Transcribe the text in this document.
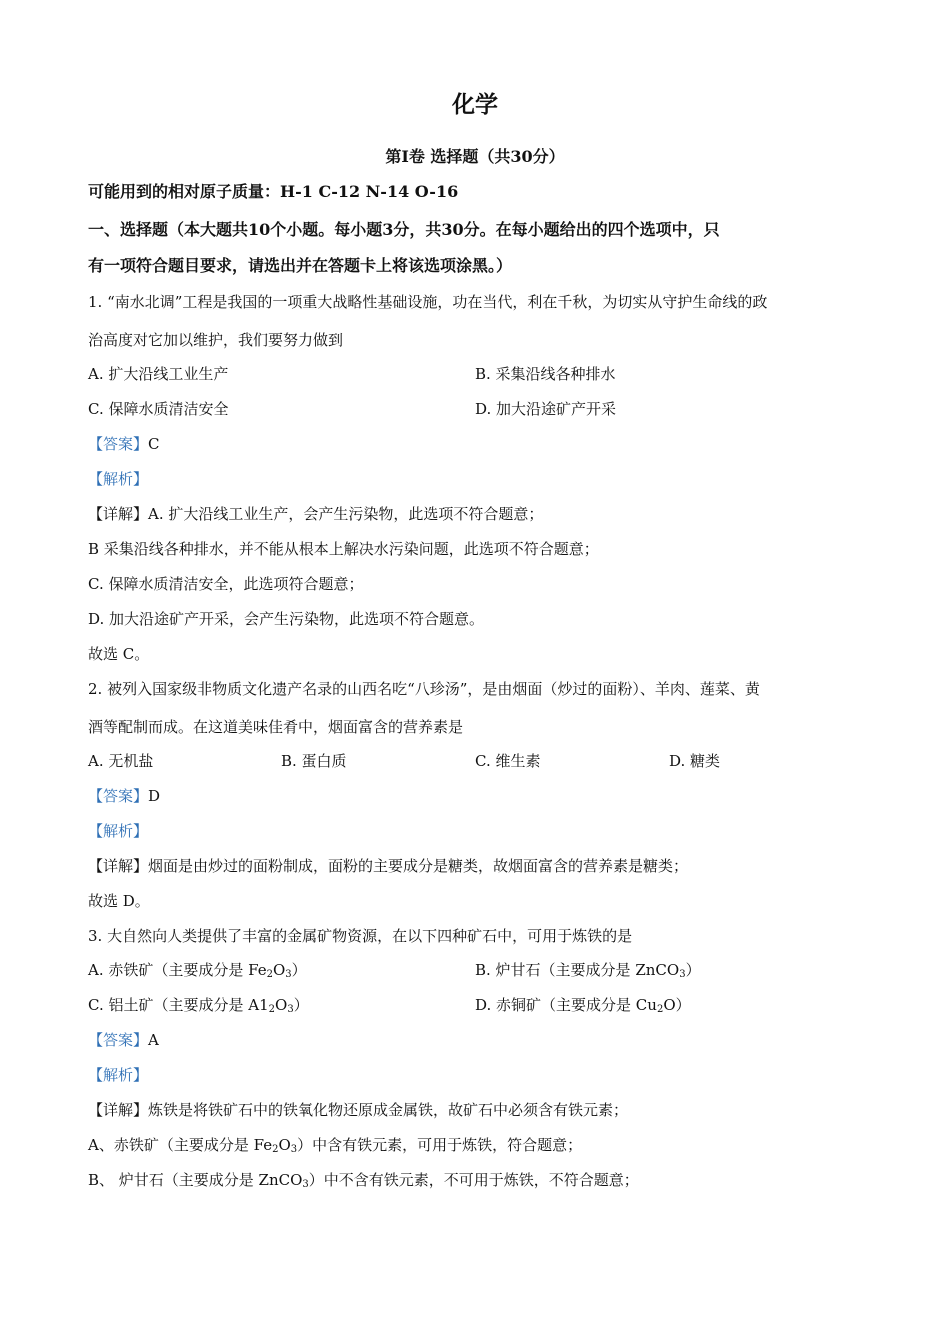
化学
第Ⅰ卷 选择题（共30分）
可能用到的相对原子质量：H-1 C-12 N-14 O-16
一、选择题（本大题共10个小题。每小题3分，共30分。在每小题给出的四个选项中，只
有一项符合题目要求，请选出并在答题卡上将该选项涂黑。）
1. “南水北调”工程是我国的一项重大战略性基础设施，功在当代，利在千秋，为切实从守护生命线的政
治高度对它加以维护，我们要努力做到
A. 扩大沿线工业生产	B. 采集沿线各种排水
C. 保障水质清洁安全	D. 加大沿途矿产开采
【答案】C
【解析】
【详解】A. 扩大沿线工业生产，会产生污染物，此选项不符合题意；
B 采集沿线各种排水，并不能从根本上解决水污染问题，此选项不符合题意；
C. 保障水质清洁安全，此选项符合题意；
D. 加大沿途矿产开采，会产生污染物，此选项不符合题意。
故选 C。
2. 被列入国家级非物质文化遗产名录的山西名吃“八珍汤”，是由烟面（炒过的面粉）、羊肉、莲菜、黄
酒等配制而成。在这道美味佳肴中，烟面富含的营养素是
A. 无机盐	B. 蛋白质	C. 维生素	D. 糖类
【答案】D
【解析】
【详解】烟面是由炒过的面粉制成，面粉的主要成分是糖类，故烟面富含的营养素是糖类；
故选 D。
3. 大自然向人类提供了丰富的金属矿物资源，在以下四种矿石中，可用于炼铁的是
A. 赤铁矿（主要成分是 $Fe_2O_3$）	B. 炉甘石（主要成分是 ZnCO$_3$）
C. 铝土矿（主要成分是 $A1_2O_3$）	D. 赤铜矿（主要成分是 $Cu_2O$）
【答案】A
【解析】
【详解】炼铁是将铁矿石中的铁氧化物还原成金属铁，故矿石中必须含有铁元素；
A、赤铁矿（主要成分是 $Fe_2O_3$）中含有铁元素，可用于炼铁，符合题意；
B、 炉甘石（主要成分是 ZnCO$_3$）中不含有铁元素，不可用于炼铁，不符合题意；
